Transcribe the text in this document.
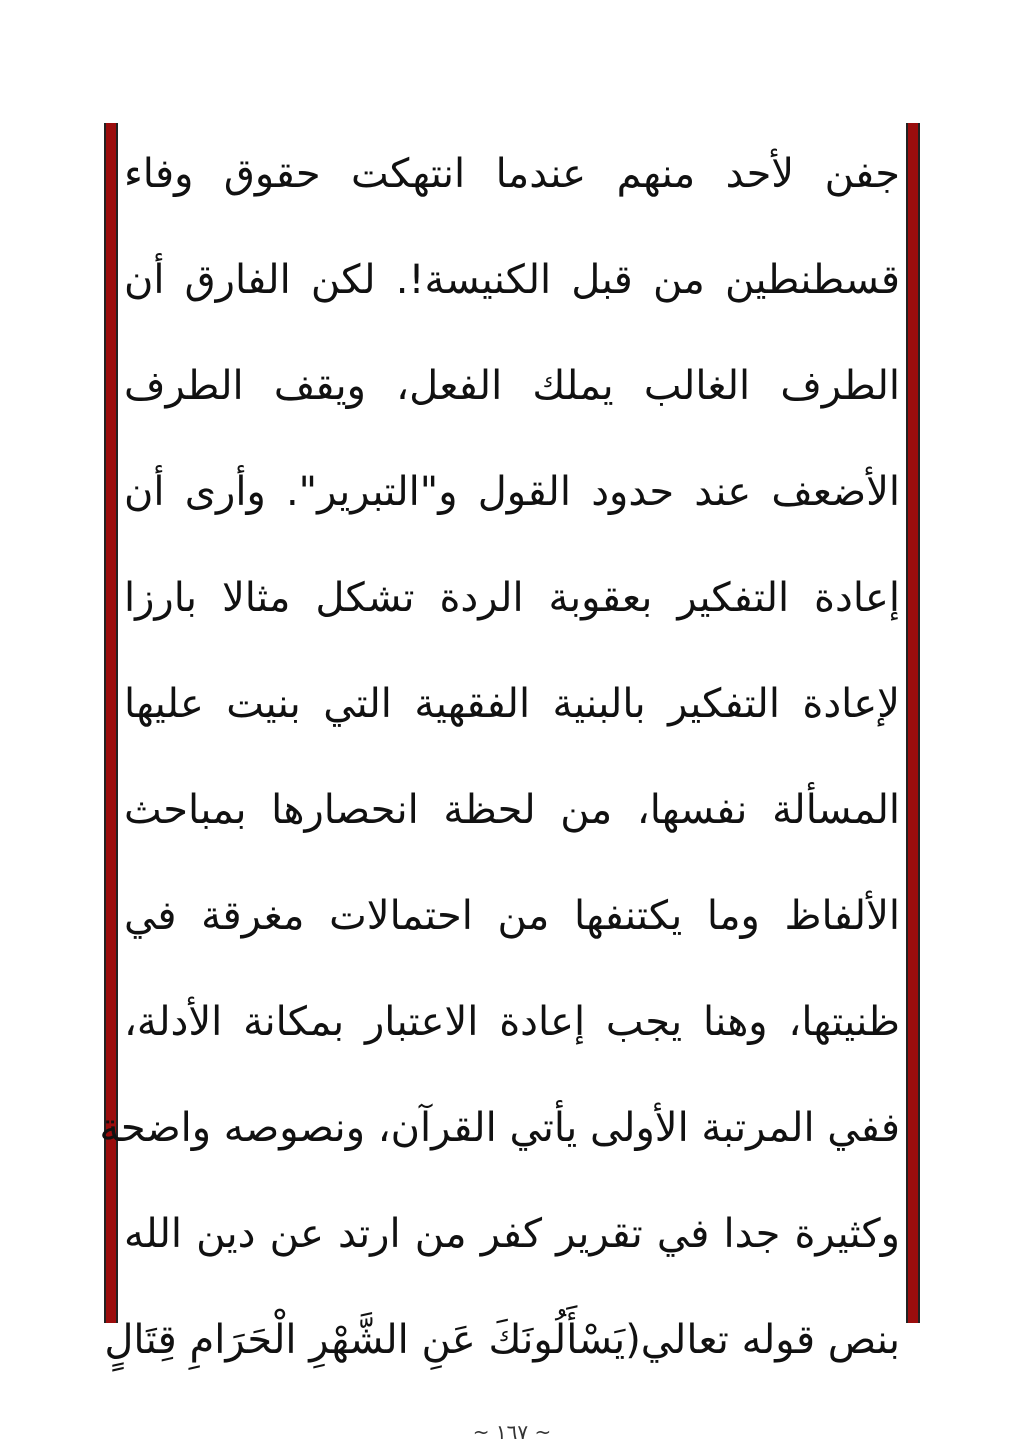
جفن لأحد منهم عندما انتهكت حقوق وفاء
قسطنطين من قبل الكنيسة!. لكن الفارق أن
الطرف الغالب يملك الفعل، ويقف الطرف
الأضعف عند حدود القول و"التبرير". وأرى أن
إعادة التفكير بعقوبة الردة تشكل مثالا بارزا
لإعادة التفكير بالبنية الفقهية التي بنيت عليها
المسألة نفسها، من لحظة انحصارها بمباحث
الألفاظ وما يكتنفها من احتمالات مغرقة في
ظنيتها، وهنا يجب إعادة الاعتبار بمكانة الأدلة،
ففي المرتبة الأولى يأتي القرآن، ونصوصه واضحة
وكثيرة جدا في تقرير كفر من ارتد عن دين الله
بنص قوله تعالي(يَسْأَلُونَكَ عَنِ الشَّهْرِ الْحَرَامِ قِتَالٍ
~ ١٦٧ ~
